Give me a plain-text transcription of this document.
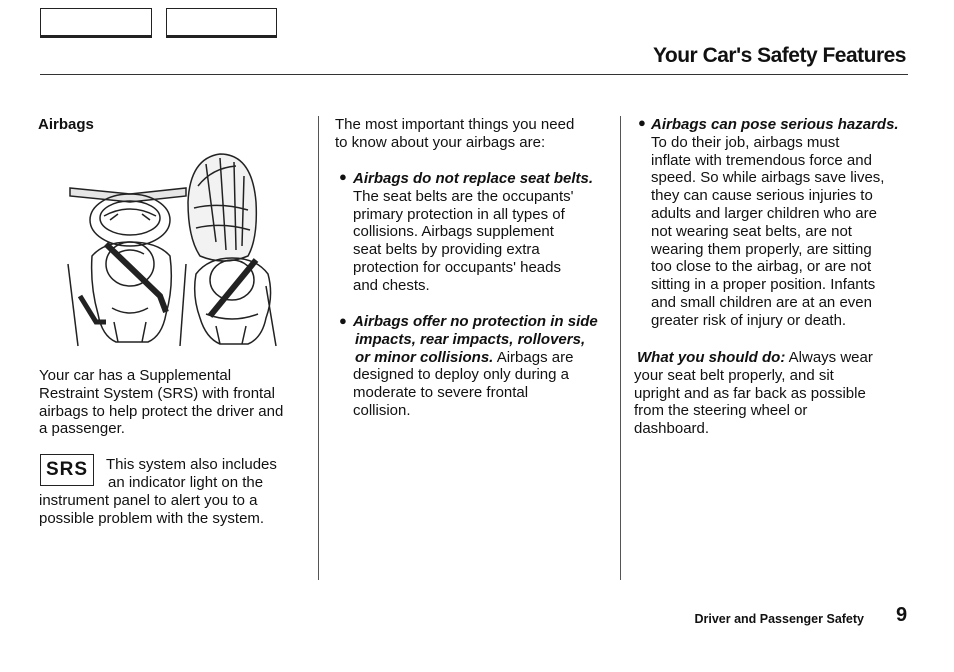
Your Car's Safety Features
Airbags
Your car has a Supplemental
Restraint System (SRS) with frontal
airbags to help protect the driver and
a passenger.
SRS	This system also includes
an indicator light on the
instrument panel to alert you to a
possible problem with the system.
The most important things you need
to know about your airbags are:
● Airbags do not replace seat belts.
The seat belts are the occupants'
primary protection in all types of
collisions. Airbags supplement
seat belts by providing extra
protection for occupants' heads
and chests.
● Airbags offer no protection in side
impacts, rear impacts, rollovers,
or minor collisions. Airbags are
designed to deploy only during a
moderate to severe frontal
collision.
● Airbags can pose serious hazards.
To do their job, airbags must
inflate with tremendous force and
speed. So while airbags save lives,
they can cause serious injuries to
adults and larger children who are
not wearing seat belts, are not
wearing them properly, are sitting
too close to the airbag, or are not
sitting in a proper position. Infants
and small children are at an even
greater risk of injury or death.
What you should do: Always wear
your seat belt properly, and sit
upright and as far back as possible
from the steering wheel or
dashboard.
Driver and Passenger Safety 9
